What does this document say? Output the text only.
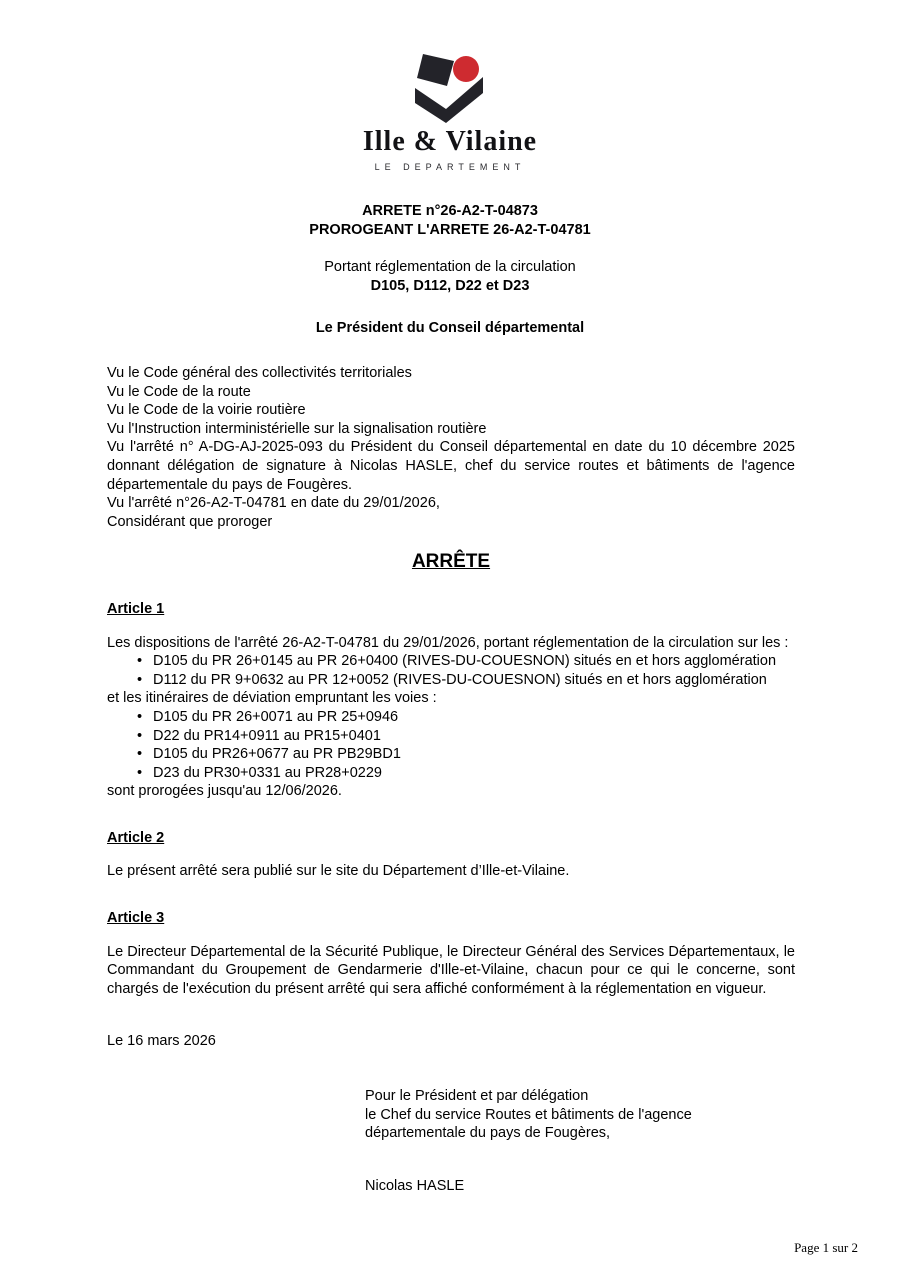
Ille & Vilaine
LE DEPARTEMENT
ARRETE n°26-A2-T-04873
PROROGEANT L'ARRETE 26-A2-T-04781
Portant réglementation de la circulation
D105, D112, D22 et D23
Le Président du Conseil départemental
Vu le Code général des collectivités territoriales
Vu le Code de la route
Vu le Code de la voirie routière
Vu l'Instruction interministérielle sur la signalisation routière
Vu l'arrêté n° A-DG-AJ-2025-093 du Président du Conseil départemental en date du 10 décembre 2025 donnant délégation de signature à Nicolas HASLE, chef du service routes et bâtiments de l'agence départementale du pays de Fougères.
Vu l'arrêté n°26-A2-T-04781 en date du 29/01/2026,
Considérant que proroger
ARRÊTE
Article 1
Les dispositions de l'arrêté 26-A2-T-04781 du 29/01/2026, portant réglementation de la circulation sur les :
•
D105 du PR 26+0145 au PR 26+0400 (RIVES-DU-COUESNON) situés en et hors agglomération
•
D112 du PR 9+0632 au PR 12+0052 (RIVES-DU-COUESNON) situés en et hors agglomération
et les itinéraires de déviation empruntant les voies :
•
D105 du PR 26+0071 au PR 25+0946
•
D22 du PR14+0911 au PR15+0401
•
D105 du PR26+0677 au PR PB29BD1
•
D23 du PR30+0331 au PR28+0229
sont prorogées jusqu'au 12/06/2026.
Article 2
Le présent arrêté sera publié sur le site du Département d’Ille-et-Vilaine.
Article 3
Le Directeur Départemental de la Sécurité Publique, le Directeur Général des Services Départementaux, le Commandant du Groupement de Gendarmerie d'Ille-et-Vilaine, chacun pour ce qui le concerne, sont chargés de l'exécution du présent arrêté qui sera affiché conformément à la réglementation en vigueur.
Le 16 mars 2026
Pour le Président et par délégation
le Chef du service Routes et bâtiments de l'agence départementale du pays de Fougères,
Nicolas HASLE
Page 1 sur 2
